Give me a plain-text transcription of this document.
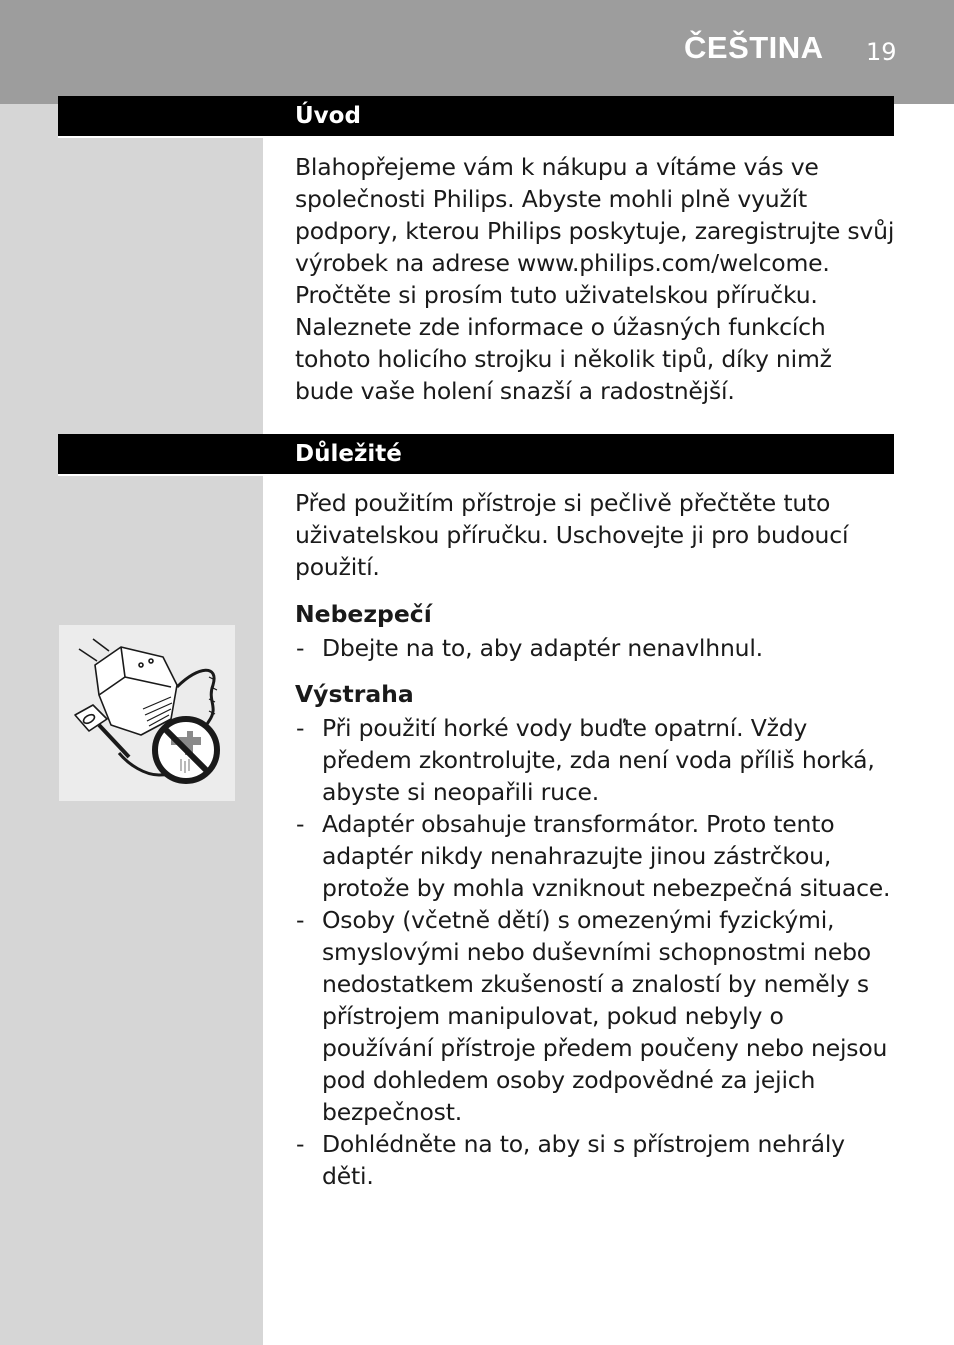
ČEŠTINA 19
Úvod

Blahopřejeme vám k nákupu a vítáme vás ve společnosti Philips. Abyste mohli plně využít podpory, kterou Philips poskytuje, zaregistrujte svůj výrobek na adrese www.philips.com/welcome. Pročtěte si prosím tuto uživatelskou příručku. Naleznete zde informace o úžasných funkcích tohoto holicího strojku i několik tipů, díky nimž bude vaše holení snazší a radostnější.

Důležité

Před použitím přístroje si pečlivě přečtěte tuto uživatelskou příručku. Uschovejte ji pro budoucí použití.

Nebezpečí
- Dbejte na to, aby adaptér nenavlhnul.
Výstraha
- Při použití horké vody buďte opatrní. Vždy předem zkontrolujte, zda není voda příliš horká, abyste si neopařili ruce.
- Adaptér obsahuje transformátor. Proto tento adaptér nikdy nenahrazujte jinou zástrčkou, protože by mohla vzniknout nebezpečná situace.
- Osoby (včetně dětí) s omezenými fyzickými, smyslovými nebo duševními schopnostmi nebo nedostatkem zkušeností a znalostí by neměly s přístrojem manipulovat, pokud nebyly o používání přístroje předem poučeny nebo nejsou pod dohledem osoby zodpovědné za jejich bezpečnost.
- Dohlédněte na to, aby si s přístrojem nehrály děti.
